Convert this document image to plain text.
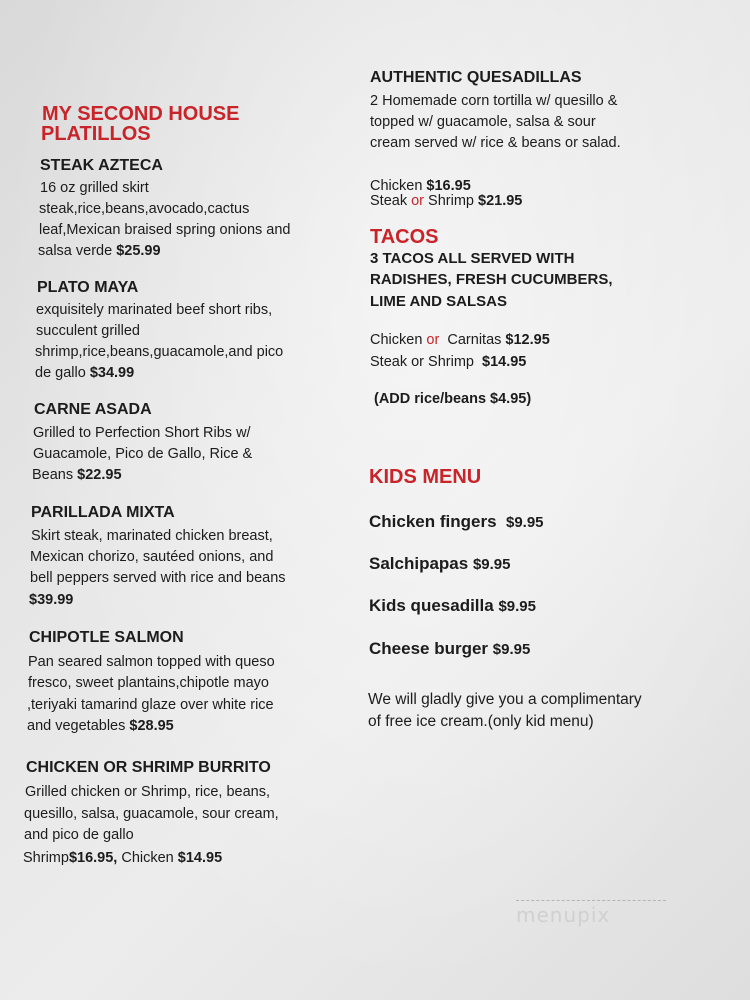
MY SECOND HOUSE
PLATILLOS
STEAK AZTECA
16 oz grilled skirt
steak,rice,beans,avocado,cactus
leaf,Mexican braised spring onions and
salsa verde $25.99
PLATO MAYA
exquisitely marinated beef short ribs,
succulent grilled
shrimp,rice,beans,guacamole,and pico
de gallo $34.99
CARNE ASADA
Grilled to Perfection Short Ribs w/
Guacamole, Pico de Gallo, Rice &
Beans $22.95
PARILLADA MIXTA
Skirt steak, marinated chicken breast,
Mexican chorizo, sautéed onions, and
bell peppers served with rice and beans
$39.99
CHIPOTLE SALMON
Pan seared salmon topped with queso
fresco, sweet plantains,chipotle mayo
,teriyaki tamarind glaze over white rice
and vegetables $28.95
CHICKEN OR SHRIMP BURRITO
Grilled chicken or Shrimp, rice, beans,
quesillo, salsa, guacamole, sour cream,
and pico de gallo
Shrimp$16.95, Chicken $14.95
AUTHENTIC QUESADILLAS
2 Homemade corn tortilla w/ quesillo &
topped w/ guacamole, salsa & sour
cream served w/ rice & beans or salad.
Chicken $16.95
Steak or Shrimp $21.95
TACOS
3 TACOS ALL SERVED WITH
RADISHES, FRESH CUCUMBERS,
LIME AND SALSAS
Chicken or  Carnitas $12.95
Steak or Shrimp  $14.95
(ADD rice/beans $4.95)
KIDS MENU
Chicken fingers  $9.95
Salchipapas $9.95
Kids quesadilla $9.95
Cheese burger $9.95
We will gladly give you a complimentary
of free ice cream.(only kid menu)
menupix
